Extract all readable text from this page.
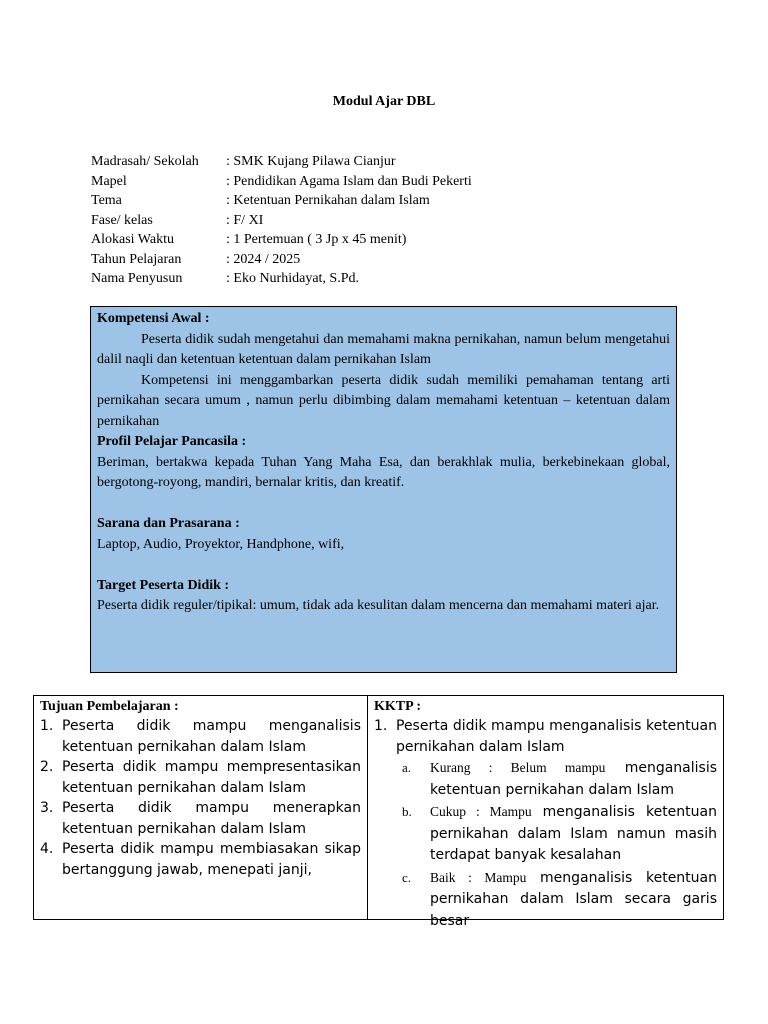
Modul Ajar DBL
Madrasah/ Sekolah	: SMK Kujang Pilawa Cianjur
Mapel	: Pendidikan Agama Islam dan Budi Pekerti
Tema	: Ketentuan Pernikahan dalam Islam
Fase/ kelas	: F/ XI
Alokasi Waktu	: 1 Pertemuan ( 3 Jp x 45 menit)
Tahun Pelajaran	: 2024 / 2025
Nama Penyusun	: Eko Nurhidayat, S.Pd.

Kompetensi Awal :

Peserta didik sudah mengetahui dan memahami makna pernikahan, namun belum mengetahui dalil naqli dan ketentuan ketentuan dalam pernikahan Islam

Kompetensi ini menggambarkan peserta didik sudah memiliki pemahaman tentang arti pernikahan secara umum , namun perlu dibimbing dalam memahami ketentuan – ketentuan dalam pernikahan

Profil Pelajar Pancasila :

Beriman, bertakwa kepada Tuhan Yang Maha Esa, dan berakhlak mulia, berkebinekaan global, bergotong-royong, mandiri, bernalar kritis, dan kreatif.

Sarana dan Prasarana :

Laptop, Audio, Proyektor, Handphone, wifi,

Target Peserta Didik :

Peserta didik reguler/tipikal: umum, tidak ada kesulitan dalam mencerna dan memahami materi ajar.

Tujuan Pembelajaran :
1. Peserta didik mampu menganalisis ketentuan pernikahan dalam Islam
2. Peserta didik mampu mempresentasikan ketentuan pernikahan dalam Islam
3. Peserta didik mampu menerapkan ketentuan pernikahan dalam Islam
4. Peserta didik mampu membiasakan sikap bertanggung jawab, menepati janji,
KKTP :
1. Peserta didik mampu menganalisis ketentuan pernikahan dalam Islam
a.	Kurang : Belum mampu menganalisis ketentuan pernikahan dalam Islam
b.	Cukup : Mampu menganalisis ketentuan pernikahan dalam Islam namun masih terdapat banyak kesalahan
c.	Baik : Mampu menganalisis ketentuan pernikahan dalam Islam secara garis besar
